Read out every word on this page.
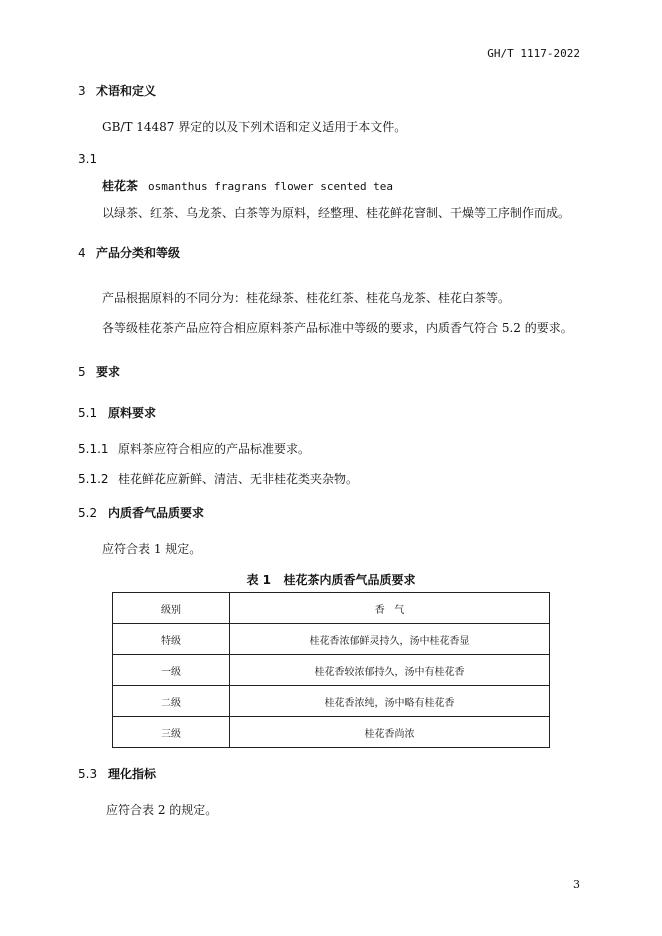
GH/T 1117-2022
3 术语和定义
GB/T 14487 界定的以及下列术语和定义适用于本文件。
3.1
桂花茶 osmanthus fragrans flower scented tea
以绿茶、红茶、乌龙茶、白茶等为原料，经整理、桂花鲜花窨制、干燥等工序制作而成。
4 产品分类和等级
产品根据原料的不同分为：桂花绿茶、桂花红茶、桂花乌龙茶、桂花白茶等。
各等级桂花茶产品应符合相应原料茶产品标准中等级的要求，内质香气符合 5.2 的要求。
5 要求
5.1 原料要求
5.1.1 原料茶应符合相应的产品标准要求。
5.1.2 桂花鲜花应新鲜、清洁、无非桂花类夹杂物。
5.2 内质香气品质要求
应符合表 1 规定。
表 1   桂花茶内质香气品质要求
级别	香   气
特级	桂花香浓郁鲜灵持久，汤中桂花香显
一级	桂花香较浓郁持久，汤中有桂花香
二级	桂花香浓纯，汤中略有桂花香
三级	桂花香尚浓
5.3 理化指标
应符合表 2 的规定。
3
